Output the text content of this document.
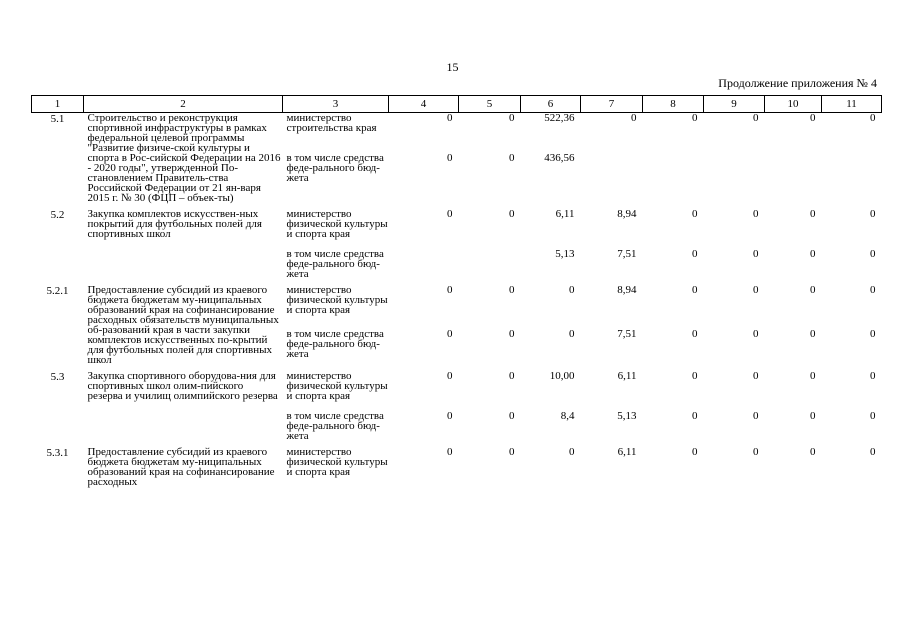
15
Продолжение приложения № 4
1	2	3	4	5	6	7	8	9	10	11
5.1	Строительство и реконструкция спортивной инфраструктуры в рамках федеральной целевой программы "Развитие физиче-ской культуры и спорта в Рос-сийской Федерации на 2016 - 2020 годы", утвержденной По-становлением Правитель-ства Российской Федерации от 21 ян-варя 2015 г. № 30 (ФЦП – объек-ты)	министерство строительства края	0	0	522,36	0	0	0	0	0
		в том числе средства феде-рального бюд-жета	0	0	436,56					

5.2	Закупка комплектов искусствен-ных покрытий для футбольных полей для спортивных школ	министерство физической культуры и спорта края	0	0	6,11	8,94	0	0	0	0
		в том числе средства феде-рального бюд-жета			5,13	7,51	0	0	0	0

5.2.1	Предоставление субсидий из краевого бюджета бюджетам му-ниципальных образований края на софинансирование расходных обязательств муниципальных об-разований края в части закупки комплектов искусственных по-крытий для футбольных полей для спортивных школ	министерство физической культуры и спорта края	0	0	0	8,94	0	0	0	0
		в том числе средства феде-рального бюд-жета	0	0	0	7,51	0	0	0	0

5.3	Закупка спортивного оборудова-ния для спортивных школ олим-пийского резерва и училищ олимпийского резерва	министерство физической культуры и спорта края	0	0	10,00	6,11	0	0	0	0
		в том числе средства феде-рального бюд-жета	0	0	8,4	5,13	0	0	0	0

5.3.1	Предоставление субсидий из краевого бюджета бюджетам му-ниципальных образований края на софинансирование расходных	министерство физической культуры и спорта края	0	0	0	6,11	0	0	0	0
